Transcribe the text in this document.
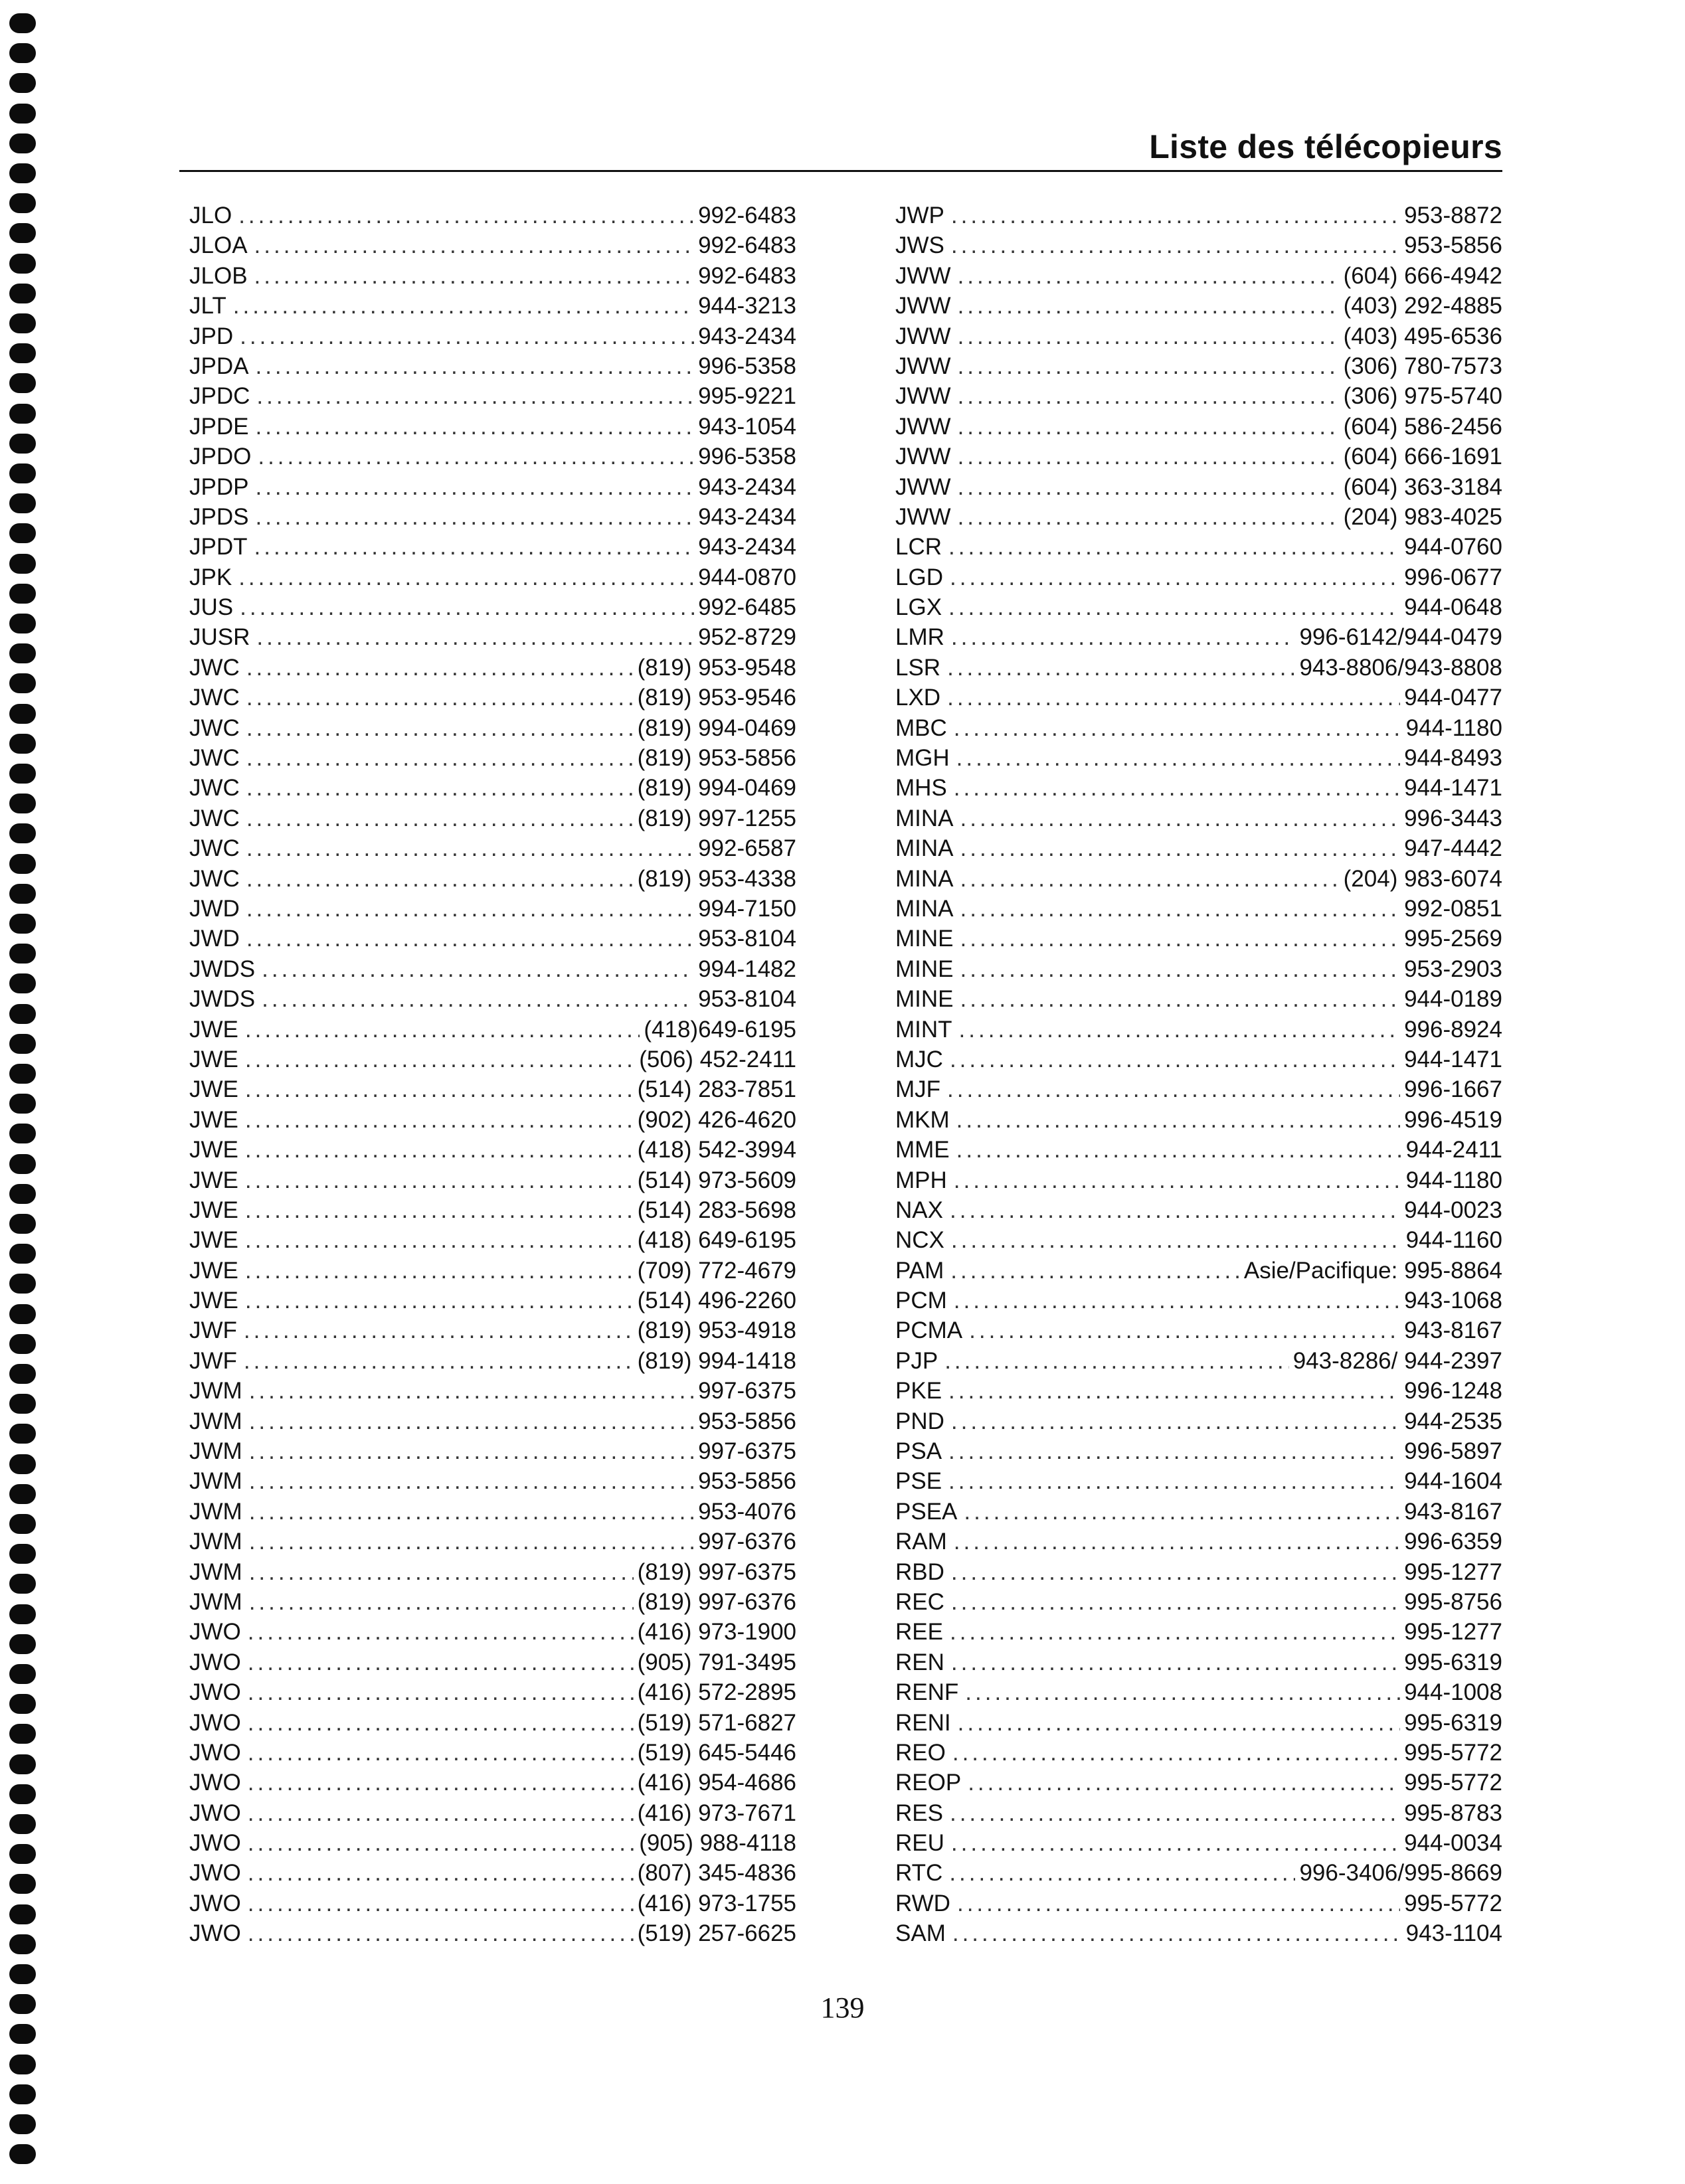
Liste des télécopieurs
JLO .....	992-6483
JLOA .....	992-6483
JLOB .....	992-6483
JLT .....	944-3213
JPD .....	943-2434
JPDA .....	996-5358
JPDC .....	995-9221
JPDE .....	943-1054
JPDO .....	996-5358
JPDP .....	943-2434
JPDS .....	943-2434
JPDT .....	943-2434
JPK .....	944-0870
JUS .....	992-6485
JUSR .....	952-8729
JWC .....	(819) 953-9548
JWC .....	(819) 953-9546
JWC .....	(819) 994-0469
JWC .....	(819) 953-5856
JWC .....	(819) 994-0469
JWC .....	(819) 997-1255
JWC .....	992-6587
JWC .....	(819) 953-4338
JWD .....	994-7150
JWD .....	953-8104
JWDS .....	994-1482
JWDS .....	953-8104
JWE .....	(418)649-6195
JWE .....	(506) 452-2411
JWE .....	(514) 283-7851
JWE .....	(902) 426-4620
JWE .....	(418) 542-3994
JWE .....	(514) 973-5609
JWE .....	(514) 283-5698
JWE .....	(418) 649-6195
JWE .....	(709) 772-4679
JWE .....	(514) 496-2260
JWF .....	(819) 953-4918
JWF .....	(819) 994-1418
JWM .....	997-6375
JWM .....	953-5856
JWM .....	997-6375
JWM .....	953-5856
JWM .....	953-4076
JWM .....	997-6376
JWM .....	(819) 997-6375
JWM .....	(819) 997-6376
JWO .....	(416) 973-1900
JWO .....	(905) 791-3495
JWO .....	(416) 572-2895
JWO .....	(519) 571-6827
JWO .....	(519) 645-5446
JWO .....	(416) 954-4686
JWO .....	(416) 973-7671
JWO .....	(905) 988-4118
JWO .....	(807) 345-4836
JWO .....	(416) 973-1755
JWO .....	(519) 257-6625
JWP .....	953-8872
JWS .....	953-5856
JWW .....	(604) 666-4942
JWW .....	(403) 292-4885
JWW .....	(403) 495-6536
JWW .....	(306) 780-7573
JWW .....	(306) 975-5740
JWW .....	(604) 586-2456
JWW .....	(604) 666-1691
JWW .....	(604) 363-3184
JWW .....	(204) 983-4025
LCR .....	944-0760
LGD .....	996-0677
LGX .....	944-0648
LMR .....	996-6142/944-0479
LSR .....	943-8806/943-8808
LXD .....	944-0477
MBC .....	944-1180
MGH .....	944-8493
MHS .....	944-1471
MINA .....	996-3443
MINA .....	947-4442
MINA .....	(204) 983-6074
MINA .....	992-0851
MINE .....	995-2569
MINE .....	953-2903
MINE .....	944-0189
MINT .....	996-8924
MJC .....	944-1471
MJF .....	996-1667
MKM .....	996-4519
MME .....	944-2411
MPH .....	944-1180
NAX .....	944-0023
NCX .....	944-1160
PAM .....	Asie/Pacifique: 995-8864
PCM .....	943-1068
PCMA .....	943-8167
PJP .....	943-8286/ 944-2397
PKE .....	996-1248
PND .....	944-2535
PSA .....	996-5897
PSE .....	944-1604
PSEA .....	943-8167
RAM .....	996-6359
RBD .....	995-1277
REC .....	995-8756
REE .....	995-1277
REN .....	995-6319
RENF .....	944-1008
RENI .....	995-6319
REO .....	995-5772
REOP .....	995-5772
RES .....	995-8783
REU .....	944-0034
RTC .....	996-3406/995-8669
RWD .....	995-5772
SAM .....	943-1104
139
